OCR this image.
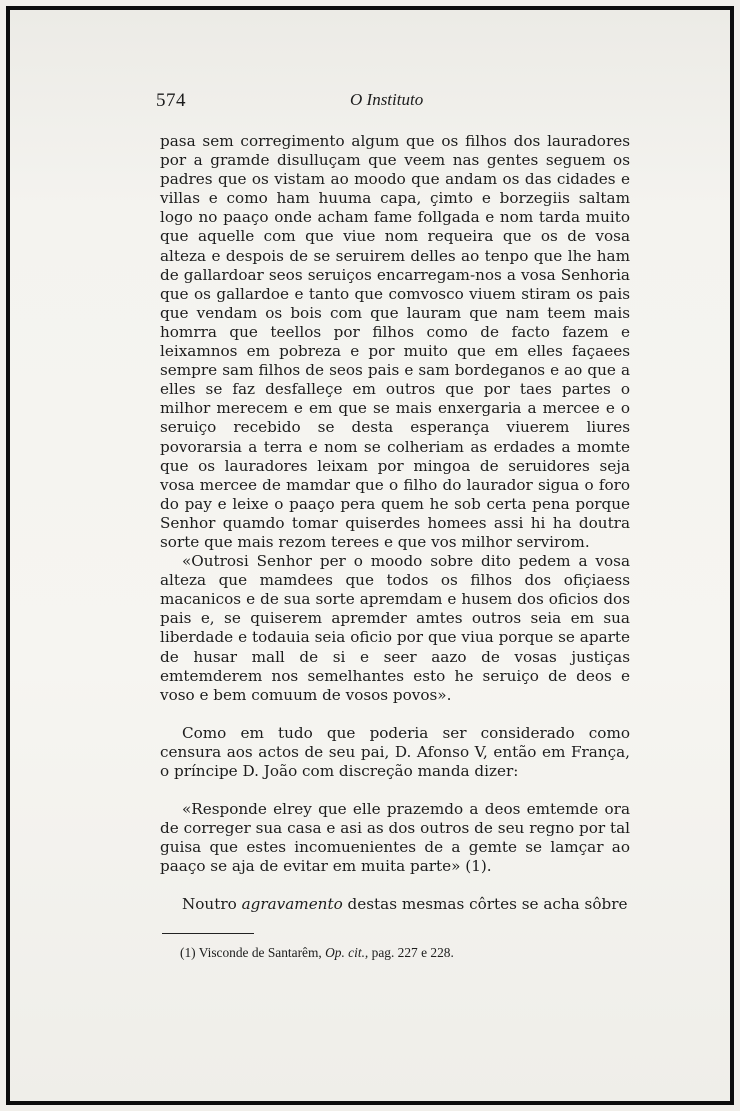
574	O Instituto

pasa sem corregimento algum que os filhos dos lauradores por a gramde disulluçam que veem nas gentes seguem os padres que os vistam ao moodo que andam os das cidades e villas e como ham huuma capa, çimto e borzegiis saltam logo no paaço onde acham fame follgada e nom tarda muito que aquelle com que viue nom requeira que os de vosa alteza e despois de se seruirem delles ao tenpo que lhe ham de gallardoar seos seruiços encarregam-nos a vosa Senhoria que os gallardoe e tanto que comvosco viuem stiram os pais que vendam os bois com que lauram que nam teem mais homrra que teellos por filhos como de facto fazem e leixamnos em pobreza e por muito que em elles façaees sempre sam filhos de seos pais e sam bordeganos e ao que a elles se faz desfalleçe em outros que por taes partes o milhor merecem e em que se mais enxergaria a mercee e o seruiço recebido se desta esperança viuerem liures povorarsia a terra e nom se colheriam as erdades a momte que os lauradores leixam por mingoa de seruidores seja vosa mercee de mamdar que o filho do laurador sigua o foro do pay e leixe o paaço pera quem he sob certa pena porque Senhor quamdo tomar quiserdes homees assi hi ha doutra sorte que mais rezom terees e que vos milhor servirom.

«Outrosi Senhor per o moodo sobre dito pedem a vosa alteza que mamdees que todos os filhos dos ofiçiaess macanicos e de sua sorte apremdam e husem dos oficios dos pais e, se quiserem apremder amtes outros seia em sua liberdade e todauia seia oficio por que viua porque se aparte de husar mall de si e seer aazo de vosas justiças emtemderem nos semelhantes esto he seruiço de deos e voso e bem comuum de vosos povos».

Como em tudo que poderia ser considerado como censura aos actos de seu pai, D. Afonso V, então em França, o príncipe D. João com discreção manda dizer:

«Responde elrey que elle prazemdo a deos emtemde ora de correger sua casa e asi as dos outros de seu regno por tal guisa que estes incomuenientes de a gemte se lamçar ao paaço se aja de evitar em muita parte» (1).

Noutro agravamento destas mesmas côrtes se acha sôbre

(1) Visconde de Santarêm, Op. cit., pag. 227 e 228.
